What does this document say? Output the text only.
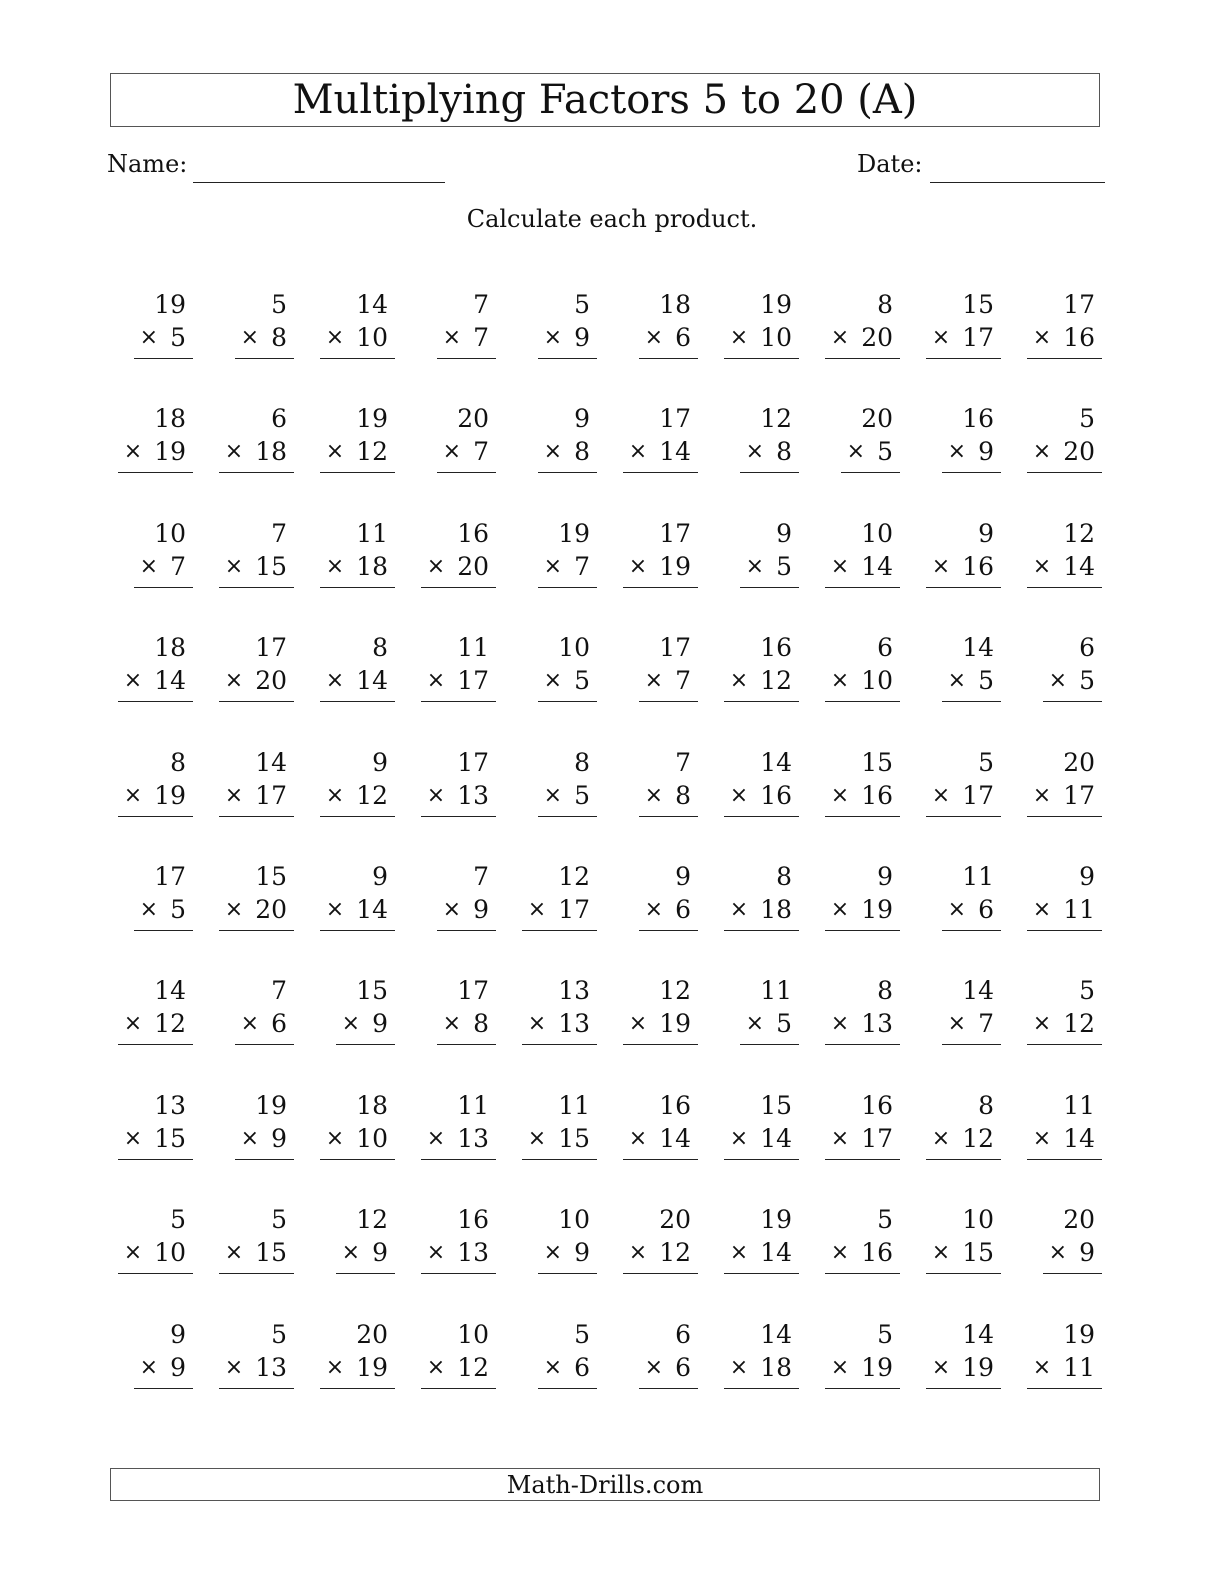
Multiplying Factors 5 to 20 (A)
Name:	Date:
Calculate each product.
19
× 5
5
× 8
14
× 10
7
× 7
5
× 9
18
× 6
19
× 10
8
× 20
15
× 17
17
× 16
18
× 19
6
× 18
19
× 12
20
× 7
9
× 8
17
× 14
12
× 8
20
× 5
16
× 9
5
× 20
10
× 7
7
× 15
11
× 18
16
× 20
19
× 7
17
× 19
9
× 5
10
× 14
9
× 16
12
× 14
18
× 14
17
× 20
8
× 14
11
× 17
10
× 5
17
× 7
16
× 12
6
× 10
14
× 5
6
× 5
8
× 19
14
× 17
9
× 12
17
× 13
8
× 5
7
× 8
14
× 16
15
× 16
5
× 17
20
× 17
17
× 5
15
× 20
9
× 14
7
× 9
12
× 17
9
× 6
8
× 18
9
× 19
11
× 6
9
× 11
14
× 12
7
× 6
15
× 9
17
× 8
13
× 13
12
× 19
11
× 5
8
× 13
14
× 7
5
× 12
13
× 15
19
× 9
18
× 10
11
× 13
11
× 15
16
× 14
15
× 14
16
× 17
8
× 12
11
× 14
5
× 10
5
× 15
12
× 9
16
× 13
10
× 9
20
× 12
19
× 14
5
× 16
10
× 15
20
× 9
9
× 9
5
× 13
20
× 19
10
× 12
5
× 6
6
× 6
14
× 18
5
× 19
14
× 19
19
× 11
Math-Drills.com
